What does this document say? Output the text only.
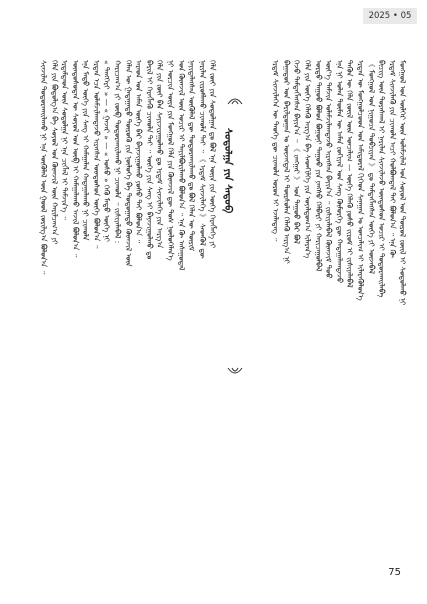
2025 • 05
ᠰᠤᠳᠤᠯᠭᠠ ᠶᠢᠨ ᠰᠡᠳᠦᠪ	ᠮᠣᠩᠭᠣᠯ ᠤᠨ ᠦᠯᠭᠡᠷ ᠦᠨ ᠤᠯᠠᠮᠵᠢᠯᠠᠯ ᠤᠨ ᠰᠣᠶᠤᠯ ᠤᠨ ᠲᠦᠷᠦᠯ ᠵᠦᠢᠯ ᠢ ᠰᠤᠳᠤᠯᠬᠤ ᠨᠢ
ᠡᠷᠳᠡᠮ ᠰᠢᠨᠵᠢᠯᠡᠬᠦ ᠶᠢᠨ ᠴᠢᠬᠤᠯᠠ ᠠᠴᠢ ᠬᠣᠯᠪᠣᠭᠳᠠᠯ ᠲᠠᠢ ᠪᠣᠯᠤᠨ᠎ᠠ ᠃ ᠡᠨᠡ ᠬᠦ
ᠪᠢᠴᠢᠭ᠌ ᠦᠨ ᠳᠤᠷᠠᠰᠬᠠᠯ ᠢ ᠨᠠᠷᠢᠯᠠᠨ ᠰᠢᠨᠵᠢᠯᠡᠵᠦ ᠦᠨᠳᠦᠰᠦᠨ ᠤᠴᠢᠷ ᠢ ᠲᠣᠳᠣᠷᠬᠠᠢᠯᠠᠪᠠ
《 ᠮᠣᠩᠭᠣᠯ ᠤᠨ ᠨᠢᠭᠤᠴᠠ ᠲᠣᠪᠴᠢᠶᠠᠨ 》 ᠳᠤ ᠲᠡᠮᠳᠡᠭᠯᠡᠭᠰᠡᠨ ᠦᠭᠡ ᠶᠢ ᠦᠵᠡᠪᠡᠯ
ᠡᠷᠲᠡᠨ ᠦ ᠮᠣᠩᠭᠣᠯᠴᠤᠳ ᠤᠨ ᠠᠮᠢᠳᠤᠷᠠᠯ ᠬᠢᠬᠡᠳ ᠰᠠᠨᠠᠭᠠᠨ ᠤ ᠣᠨᠴᠠᠯᠢᠭ ᠢ ᠢᠯᠡᠷᠡᠬᠦᠯᠦᠨ᠎ᠡ
ᠲᠡᠭᠦᠨ ᠦ ᠬᠡᠯᠡ ᠵᠦᠢᠯ ᠦᠨ ᠣᠨᠴᠠᠯᠢᠭ — ᠦᠭᠡ ᠬᠡᠯᠡᠬᠦ ᠶᠣᠰᠣ ᠵᠢᠷᠤᠮ ᠢ ᠵᠢᠱᠢᠶᠡᠯᠡᠪᠡᠯ
ᠡᠨᠡ ᠨᠢ ᠣᠯᠠᠨ ᠲᠦᠮᠡᠨ ᠦ ᠠᠮᠠᠨ ᠵᠣᠬᠢᠶᠠᠯ ᠤᠨ ᠰᠠᠩ ᠬᠥᠮᠥᠷᠭᠡ ᠳᠦ ᠬᠠᠳᠠᠭᠠᠯᠠᠭᠳᠠᠵᠤ
ᠦᠶ᠎ᠡ ᠳᠠᠮᠵᠢᠨ ᠤᠯᠠᠮᠵᠢᠯᠠᠭᠳᠠᠵᠤ ᠢᠷᠡᠭᠰᠡᠨ ᠪᠠᠶᠢᠨ᠎ᠠ ᠃ ᠵᠢᠱᠢᠶᠡᠯᠡᠪᠡᠯ ᠬᠥᠭ᠍ᠵᠢᠮ ᠳᠤᠤ
ᠤᠷᠲᠤ ᠳᠠᠭᠤᠤ ᠪᠣᠯᠤᠨ ᠪᠣᠭᠣᠨᠢ ᠳᠠᠭᠤᠤ ᠶᠢᠨ ᠶᠠᠩᠰᠤ ᠬᠡᠯᠪᠡᠷᠢ ᠶᠢ ᠬᠠᠷᠢᠴᠠᠭᠤᠯᠪᠠᠯ
ᠬᠡᠯᠡ ᠶᠢᠨ ᠦᠭᠡ ᠬᠡᠯᠡᠬᠦ ᠠᠷᠭ᠎ᠠ ᠪᠠ ᠰᠡᠳᠬᠢᠯᠭᠡ ᠶᠢᠨ ᠤᠶᠠᠯᠳᠤᠭ᠎ᠠ ᠢᠯᠡᠷᠡᠨ᠎ᠡ
ᠭᠡᠵᠦ ᠲᠡᠮᠳᠡᠭᠯᠡᠭᠰᠡᠨ ᠪᠠᠶᠢᠨ᠎ᠠ ᠃ 《 ᠵᠠᠩᠭᠠᠷ 》 ᠤᠨ ᠳᠠᠭᠤᠤ ᠪᠠᠷ ᠪᠣᠯ
ᠪᠠᠭᠠᠲᠤᠷ ᠤᠨ ᠪᠠᠷᠢᠯᠳᠤᠭᠠᠨ ᠤ ᠦᠵᠡᠭᠳᠡᠯ ᠢ ᠳᠦᠷᠰᠦᠯᠡᠨ ᠬᠡᠯᠡᠬᠦ ᠠᠷᠭ᠎ᠠ ᠨᠢ
ᠡᠷᠳᠡᠮ ᠰᠢᠨᠵᠢᠯᠡᠭᠡᠨ ᠦ ᠲᠡᠦᠬᠡ ᠳᠦ ᠴᠢᠬᠤᠯᠠ ᠣᠷᠤᠨ ᠢ ᠡᠵᠡᠯᠡᠳᠡᠭ ᠃
ᠬᠡᠯᠡ ᠵᠦᠢ ᠶᠢᠨ ᠰᠤᠳᠤᠯᠭᠠᠨ ᠳᠤ ᠪᠣᠯ ᠡᠨᠡ ᠦᠶᠡ ᠶᠢᠨ ᠦᠭᠡ ᠬᠡᠷᠡᠭᠯᠡᠭᠡ ᠶᠢ
ᠨᠠᠷᠢᠯᠠᠨ ᠵᠢᠷᠤᠮᠯᠠᠬᠤ ᠴᠢᠬᠤᠯᠠ ᠲᠠᠢ ᠃ 《 ᠡᠷᠳᠡᠮ ᠰᠢᠨᠵᠢᠯᠡᠭᠡ 》 ᠰᠡᠳᠬᠦᠯ ᠳᠦ
ᠨᠡᠶᠢᠲᠡᠯᠡᠭᠰᠡᠨ ᠥᠭᠦᠯᠡᠯ ᠳᠦ ᠲᠣᠳᠣᠷᠬᠠᠢᠯᠠᠬᠤ ᠳᠤ ᠪᠣᠯ ᠬᠡᠯᠡᠨ ᠦ ᠳᠦᠷᠢᠮ
ᠤᠨ ᠬᠥᠭ᠍ᠵᠢᠯ ᠦᠨ ᠤᠴᠢᠷ ᠢ ᠲᠠᠶᠢᠯᠪᠤᠷᠢᠯᠠᠬᠤ ᠪᠣᠯᠤᠨ᠎ᠠ ᠃ ᠡᠨᠡ ᠬᠦ ᠠᠰᠠᠭᠤᠳᠠᠯ
ᠨᠢ ᠣᠷᠴᠢᠨ ᠦᠶᠡ ᠶᠢᠨ ᠮᠣᠩᠭᠣᠯ ᠬᠡᠯᠡ ᠶᠢᠨ ᠬᠥᠭ᠍ᠵᠢᠯ ᠳᠦ ᠳᠤᠰ ᠨᠥᠯᠦᠭᠡᠯᠡᠨ᠎ᠡ
ᠬᠡᠯᠡ ᠶᠢᠨ ᠵᠦᠢ ᠪᠡᠨ ᠰᠠᠶᠢᠵᠢᠷᠠᠭᠤᠯᠬᠤ ᠳᠤ ᠡᠷᠳᠡᠮ ᠰᠢᠨᠵᠢᠯᠡᠭᠡ ᠶᠢᠨ ᠠᠷᠭ᠎ᠠ
ᠪᠠᠷᠢᠯ ᠢ ᠬᠡᠷᠡᠭᠯᠡᠬᠦ ᠴᠢᠬᠤᠯᠠ ᠲᠠᠢ ᠃ ᠦᠭᠡ ᠶᠢᠨ ᠰᠠᠩ ᠢ ᠪᠠᠶᠠᠵᠢᠭᠤᠯᠬᠤ ᠳᠤ
ᠠᠷᠠᠳ ᠤᠨ ᠠᠮᠠᠨ ᠦᠭᠡ ᠪᠠᠷ ᠪᠠᠶᠠᠵᠢᠭᠤᠯᠬᠤ ᠶᠣᠰᠣ ᠲᠠᠢ ᠪᠣᠯᠤᠨ᠎ᠠ ᠃
ᠬᠡᠯᠡᠨ ᠦ ᠭᠠᠳᠠᠭᠠᠳᠤ ᠲᠥᠷᠦᠬᠦ ᠶᠢᠨ ᠨᠥᠯᠦᠭᠡ ᠪᠠ ᠳᠣᠲᠣᠭᠠᠳᠤ ᠬᠥᠭ᠍ᠵᠢᠯ ᠦᠨ
ᠬᠠᠷᠢᠴᠠᠭ᠎ᠠ ᠶᠢ ᠵᠥᠪ ᠲᠣᠳᠣᠷᠬᠠᠢᠯᠠᠬᠤ ᠨᠢ ᠴᠢᠬᠤᠯᠠ ᠃ ᠵᠢᠱᠢᠶᠡᠯᠡᠪᠡᠯ :
« ᠲᠡᠩᠭᠡᠷᠢ » — « ᠭᠠᠵᠠᠷ » — « ᠤᠰᠤ » ᠭᠡᠬᠦ ᠮᠡᠲᠦ ᠦᠭᠡ ᠨᠢ
ᠡᠷᠲᠡᠨ ᠡᠴᠡ ᠤᠯᠠᠮᠵᠢᠯᠠᠭᠳᠠᠵᠤ ᠢᠷᠡᠭᠰᠡᠨ ᠦᠨᠳᠦᠰᠦᠨ ᠦᠭᠡ ᠪᠣᠯᠤᠨ᠎ᠠ ᠃
ᠡᠨᠡ ᠮᠡᠲᠦ ᠦᠭᠡ ᠶᠢᠨ ᠰᠠᠩ ᠢ ᠬᠠᠮᠠᠭᠠᠯᠠᠨ ᠬᠠᠳᠠᠭᠠᠯᠠᠬᠤ ᠨᠢ ᠴᠢᠬᠤᠯᠠ
ᠦᠨᠳᠦᠰᠦᠲᠡᠨ ᠦ ᠰᠣᠶᠤᠯ ᠤᠨ ᠥᠪ ᠢ ᠬᠠᠮᠠᠭᠠᠯᠠᠬᠤ ᠠᠵᠢᠯ ᠪᠣᠯᠤᠨ᠎ᠠ ᠃
ᠡᠷᠳᠡᠮᠲᠡᠳ ᠦᠨ ᠰᠤᠳᠤᠯᠭᠠ ᠨᠢ ᠡᠨᠡ ᠴᠢᠭᠯᠡᠯ ᠢ ᠳᠡᠮᠵᠢᠨ᠎ᠡ ᠃
ᠬᠡᠯᠡ ᠶᠢᠨ ᠪᠣᠳᠣᠯᠭ᠎ᠠ ᠪᠠ ᠰᠣᠶᠤᠯ ᠤᠨ ᠬᠥᠭ᠍ᠵᠢᠯ ᠦᠨ ᠬᠠᠷᠢᠯᠴᠠᠭ᠎ᠠ ᠶᠢ
ᠰᠢᠨᠵᠢᠯᠡᠨ ᠲᠣᠳᠣᠷᠬᠠᠢᠯᠠᠬᠤ ᠨᠢ ᠡᠨᠡ ᠥᠭᠦᠯᠡᠯ ᠦᠨ ᠭᠣᠣᠯ ᠵᠣᠷᠢᠯᠭ᠎ᠠ ᠪᠣᠯᠤᠨ᠎ᠠ ᠃
75
